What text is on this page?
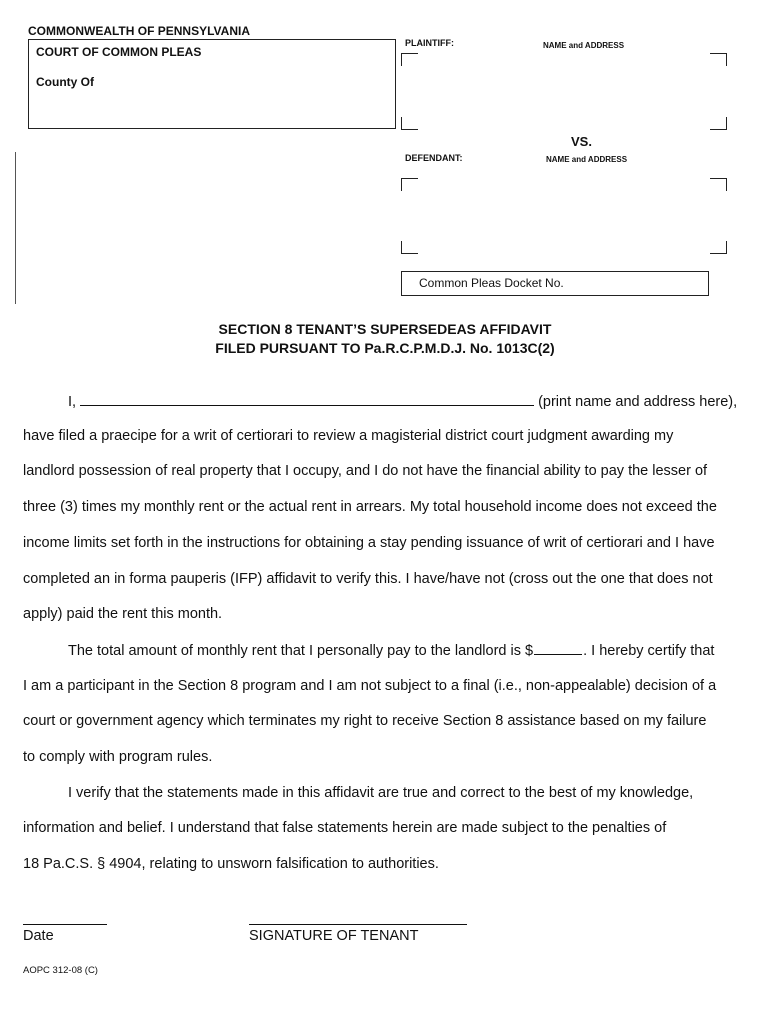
COMMONWEALTH OF PENNSYLVANIA
COURT OF COMMON PLEAS
County Of
PLAINTIFF:	NAME and ADDRESS
VS.
DEFENDANT:	NAME and ADDRESS
Common Pleas Docket No.
SECTION 8 TENANT’S SUPERSEDEAS AFFIDAVIT
FILED PURSUANT TO Pa.R.C.P.M.D.J. No. 1013C(2)
I,	(print name and address here),
have filed a praecipe for a writ of certiorari to review a magisterial district court judgment awarding my
landlord possession of real property that I occupy, and I do not have the financial ability to pay the lesser of
three (3) times my monthly rent or the actual rent in arrears. My total household income does not exceed the
income limits set forth in the instructions for obtaining a stay pending issuance of writ of certiorari and I have
completed an in forma pauperis (IFP) affidavit to verify this. I have/have not (cross out the one that does not
apply) paid the rent this month.
The total amount of monthly rent that I personally pay to the landlord is $	. I hereby certify that
I am a participant in the Section 8 program and I am not subject to a final (i.e., non-appealable) decision of a
court or government agency which terminates my right to receive Section 8 assistance based on my failure
to comply with program rules.
I verify that the statements made in this affidavit are true and correct to the best of my knowledge,
information and belief. I understand that false statements herein are made subject to the penalties of
18 Pa.C.S. § 4904, relating to unsworn falsification to authorities.
Date	SIGNATURE OF TENANT
AOPC 312-08 (C)
